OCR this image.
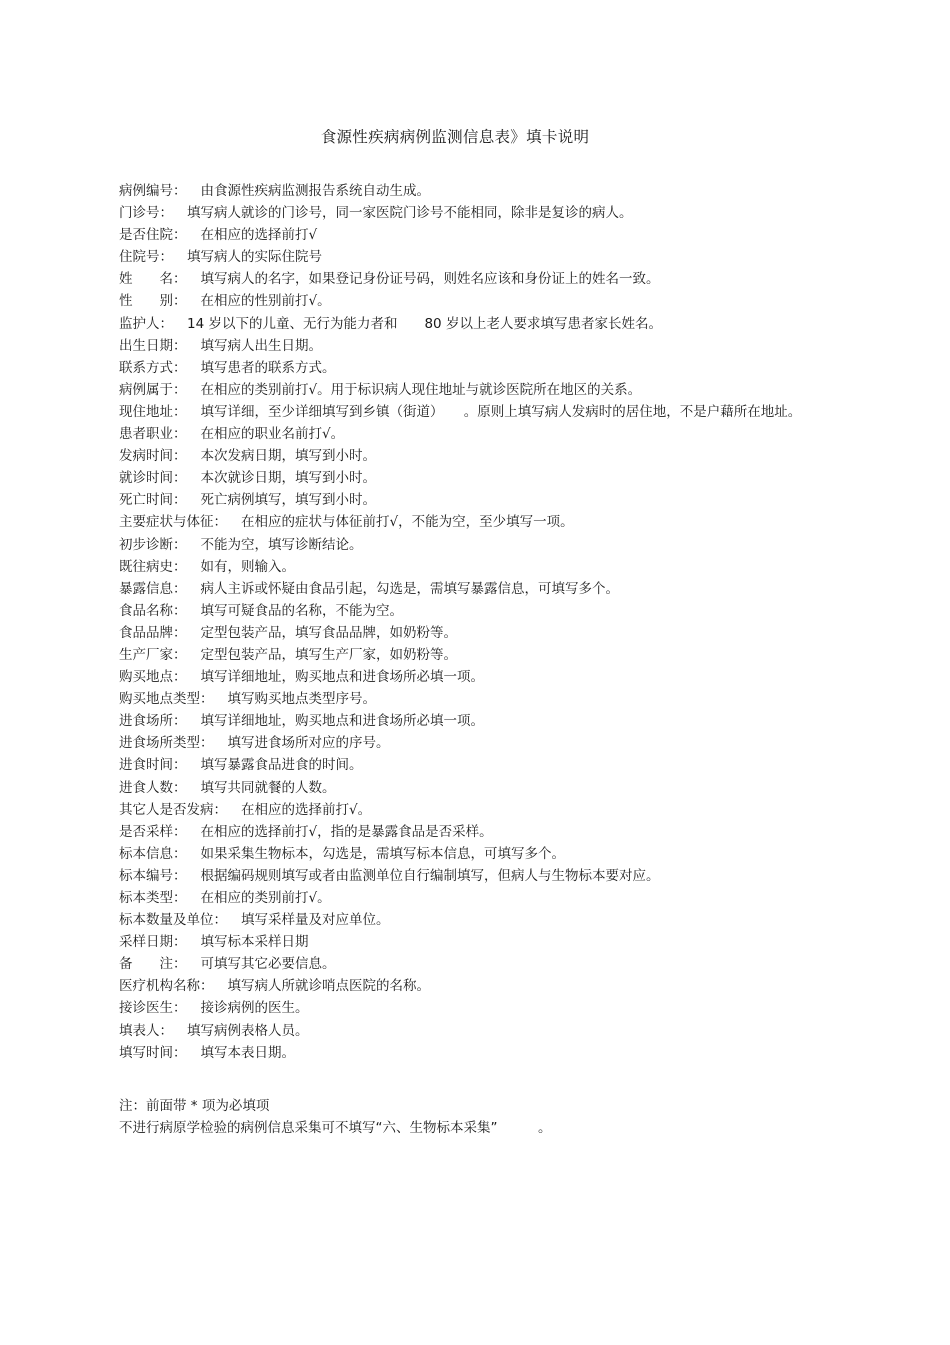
食源性疾病病例监测信息表》填卡说明
病例编号： 由食源性疾病监测报告系统自动生成。
门诊号： 填写病人就诊的门诊号，同一家医院门诊号不能相同，除非是复诊的病人。
是否住院： 在相应的选择前打√
住院号： 填写病人的实际住院号
姓　　名： 填写病人的名字，如果登记身份证号码，则姓名应该和身份证上的姓名一致。
性　　别： 在相应的性别前打√。
监护人： 14 岁以下的儿童、无行为能力者和　　80 岁以上老人要求填写患者家长姓名。
出生日期： 填写病人出生日期。
联系方式： 填写患者的联系方式。
病例属于： 在相应的类别前打√。用于标识病人现住地址与就诊医院所在地区的关系。
现住地址： 填写详细，至少详细填写到乡镇（街道）　　。原则上填写病人发病时的居住地，不是户藉所在地址。
患者职业： 在相应的职业名前打√。
发病时间： 本次发病日期，填写到小时。
就诊时间： 本次就诊日期，填写到小时。
死亡时间： 死亡病例填写，填写到小时。
主要症状与体征： 在相应的症状与体征前打√，不能为空，至少填写一项。
初步诊断： 不能为空，填写诊断结论。
既往病史： 如有，则输入。
暴露信息： 病人主诉或怀疑由食品引起，勾选是，需填写暴露信息，可填写多个。
食品名称： 填写可疑食品的名称，不能为空。
食品品牌： 定型包装产品，填写食品品牌，如奶粉等。
生产厂家： 定型包装产品，填写生产厂家，如奶粉等。
购买地点： 填写详细地址，购买地点和进食场所必填一项。
购买地点类型： 填写购买地点类型序号。
进食场所： 填写详细地址，购买地点和进食场所必填一项。
进食场所类型： 填写进食场所对应的序号。
进食时间： 填写暴露食品进食的时间。
进食人数： 填写共同就餐的人数。
其它人是否发病： 在相应的选择前打√。
是否采样： 在相应的选择前打√，指的是暴露食品是否采样。
标本信息： 如果采集生物标本，勾选是，需填写标本信息，可填写多个。
标本编号： 根据编码规则填写或者由监测单位自行编制填写，但病人与生物标本要对应。
标本类型： 在相应的类别前打√。
标本数量及单位： 填写采样量及对应单位。
采样日期： 填写标本采样日期
备　　注： 可填写其它必要信息。
医疗机构名称： 填写病人所就诊哨点医院的名称。
接诊医生： 接诊病例的医生。
填表人： 填写病例表格人员。
填写时间： 填写本表日期。
注：前面带 * 项为必填项
不进行病原学检验的病例信息采集可不填写“六、生物标本采集”　　　。
